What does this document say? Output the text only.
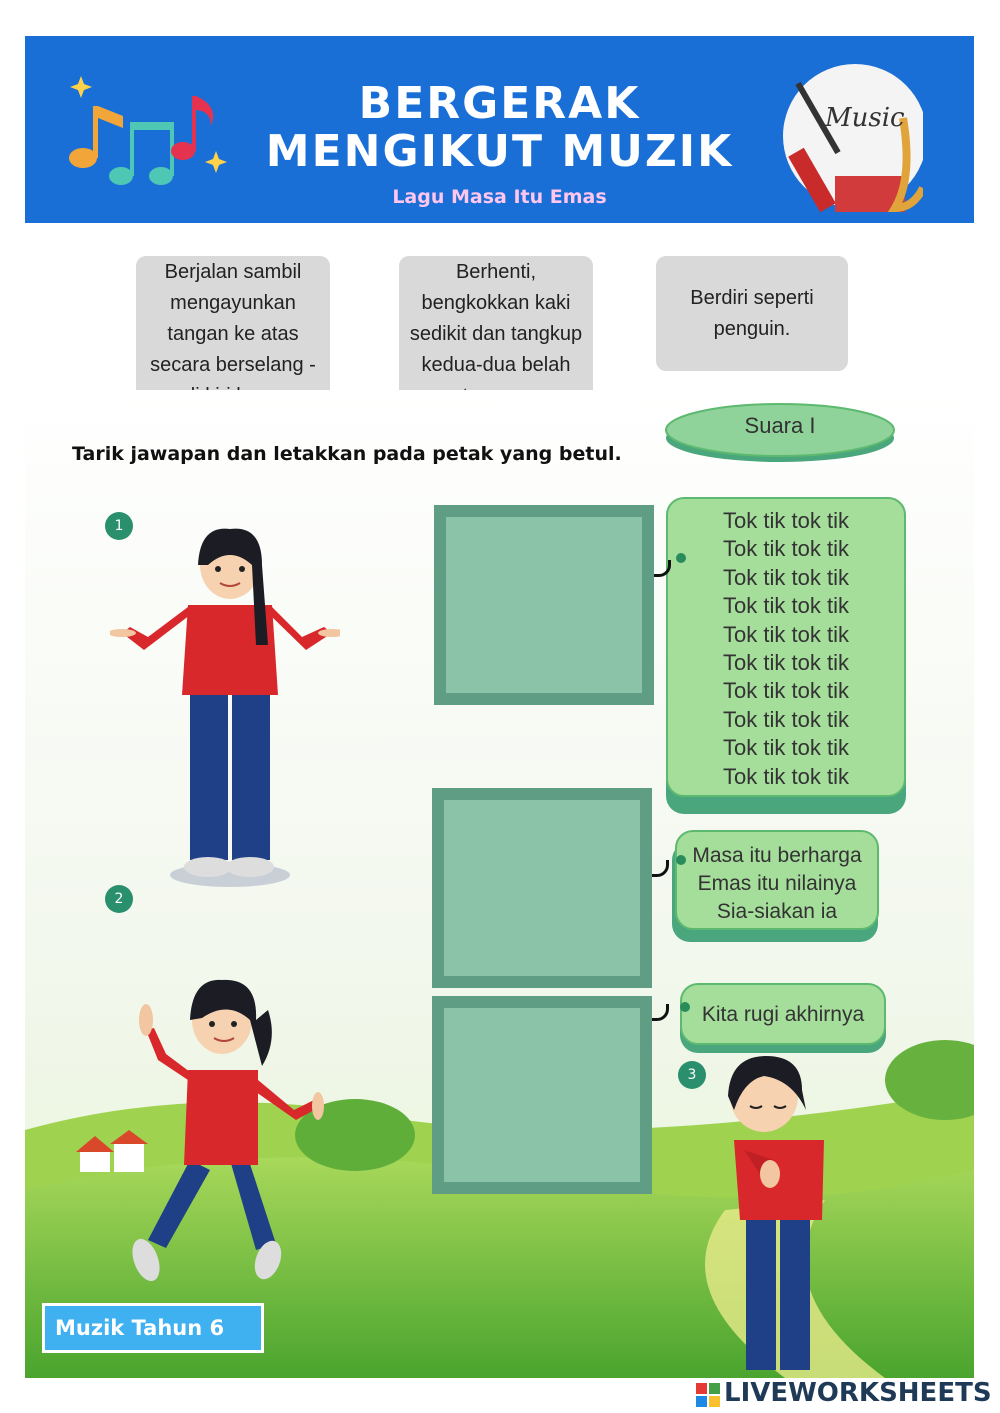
BERGERAK
MENGIKUT MUZIK
Lagu Masa Itu Emas
Music
Berjalan sambil mengayunkan tangan ke atas secara berselang -
Berhenti, bengkokkan kaki sedikit dan tangkup kedua-dua belah
Berdiri seperti penguin.
Tarik jawapan dan letakkan pada petak yang betul.
Suara I
1
2
3
Tok tik tok tik
Tok tik tok tik
Tok tik tok tik
Tok tik tok tik
Tok tik tok tik
Tok tik tok tik
Tok tik tok tik
Tok tik tok tik
Tok tik tok tik
Tok tik tok tik
Masa itu berharga
Emas itu nilainya
Sia-siakan ia
Kita rugi akhirnya
Muzik Tahun 6
LIVEWORKSHEETS
